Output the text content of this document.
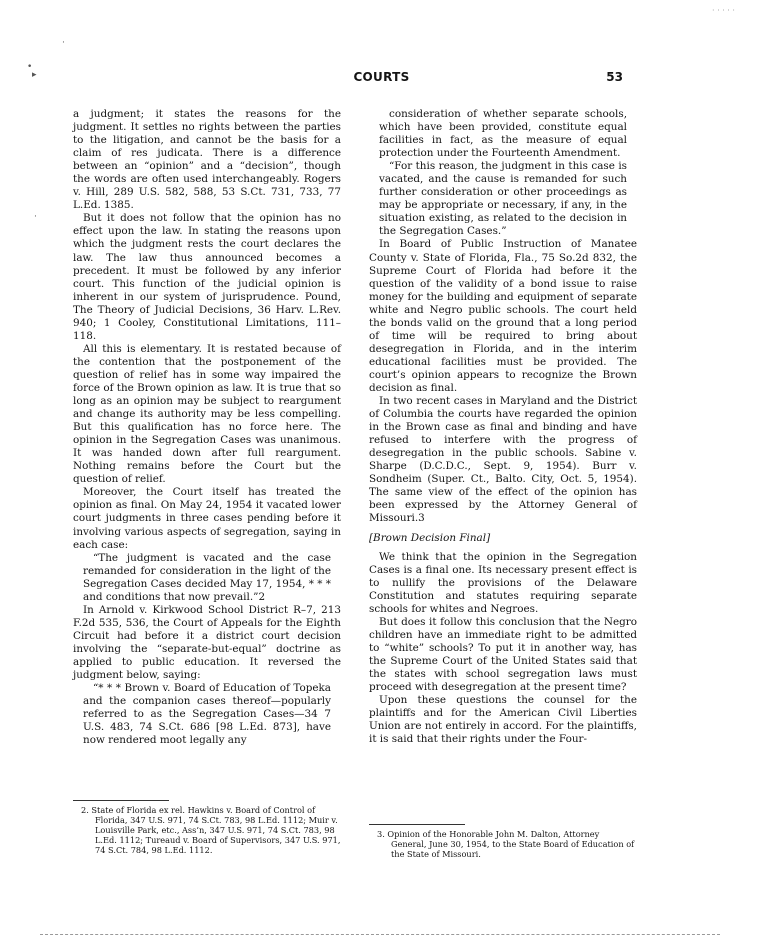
· · · · ·
·
•
▸
·
COURTS	53

a judgment; it states the reasons for the judgment. It settles no rights between the parties to the litigation, and cannot be the basis for a claim of res judicata. There is a difference between an “opinion” and a “decision”, though the words are often used interchangeably. Rogers v. Hill, 289 U.S. 582, 588, 53 S.Ct. 731, 733, 77 L.Ed. 1385.

But it does not follow that the opinion has no effect upon the law. In stating the reasons upon which the judgment rests the court declares the law. The law thus announced becomes a precedent. It must be followed by any inferior court. This function of the judicial opinion is inherent in our system of jurisprudence. Pound, The Theory of Judicial Decisions, 36 Harv. L.Rev. 940; 1 Cooley, Constitutional Limitations, 111–118.

All this is elementary. It is restated because of the contention that the postponement of the question of relief has in some way impaired the force of the Brown opinion as law. It is true that so long as an opinion may be subject to reargument and change its authority may be less compelling. But this qualification has no force here. The opinion in the Segregation Cases was unanimous. It was handed down after full reargument. Nothing remains before the Court but the question of relief.

Moreover, the Court itself has treated the opinion as final. On May 24, 1954 it vacated lower court judgments in three cases pending before it involving various aspects of segregation, saying in each case:

“The judgment is vacated and the case remanded for consideration in the light of the Segregation Cases decided May 17, 1954, * * * and conditions that now prevail.”2

In Arnold v. Kirkwood School District R–7, 213 F.2d 535, 536, the Court of Appeals for the Eighth Circuit had before it a district court decision involving the “separate-but-equal” doctrine as applied to public education. It reversed the judgment below, saying:

“* * * Brown v. Board of Education of Topeka and the companion cases thereof—popularly referred to as the Segregation Cases—34 7 U.S. 483, 74 S.Ct. 686 [98 L.Ed. 873], have now rendered moot legally any

2. State of Florida ex rel. Hawkins v. Board of Control of Florida, 347 U.S. 971, 74 S.Ct. 783, 98 L.Ed. 1112; Muir v. Louisville Park, etc., Ass’n, 347 U.S. 971, 74 S.Ct. 783, 98 L.Ed. 1112; Tureaud v. Board of Supervisors, 347 U.S. 971, 74 S.Ct. 784, 98 L.Ed. 1112.

consideration of whether separate schools, which have been provided, constitute equal facilities in fact, as the measure of equal protection under the Fourteenth Amendment.

“For this reason, the judgment in this case is vacated, and the cause is remanded for such further consideration or other proceedings as may be appropriate or necessary, if any, in the situation existing, as related to the decision in the Segregation Cases.”

In Board of Public Instruction of Manatee County v. State of Florida, Fla., 75 So.2d 832, the Supreme Court of Florida had before it the question of the validity of a bond issue to raise money for the building and equipment of separate white and Negro public schools. The court held the bonds valid on the ground that a long period of time will be required to bring about desegregation in Florida, and in the interim educational facilities must be provided. The court’s opinion appears to recognize the Brown decision as final.

In two recent cases in Maryland and the District of Columbia the courts have regarded the opinion in the Brown case as final and binding and have refused to interfere with the progress of desegregation in the public schools. Sabine v. Sharpe (D.C.D.C., Sept. 9, 1954). Burr v. Sondheim (Super. Ct., Balto. City, Oct. 5, 1954). The same view of the effect of the opinion has been expressed by the Attorney General of Missouri.3

[Brown Decision Final]

We think that the opinion in the Segregation Cases is a final one. Its necessary present effect is to nullify the provisions of the Delaware Constitution and statutes requiring separate schools for whites and Negroes.

But does it follow this conclusion that the Negro children have an immediate right to be admitted to “white” schools? To put it in another way, has the Supreme Court of the United States said that the states with school segregation laws must proceed with desegregation at the present time?

Upon these questions the counsel for the plaintiffs and for the American Civil Liberties Union are not entirely in accord. For the plaintiffs, it is said that their rights under the Four-

3. Opinion of the Honorable John M. Dalton, Attorney General, June 30, 1954, to the State Board of Education of the State of Missouri.
